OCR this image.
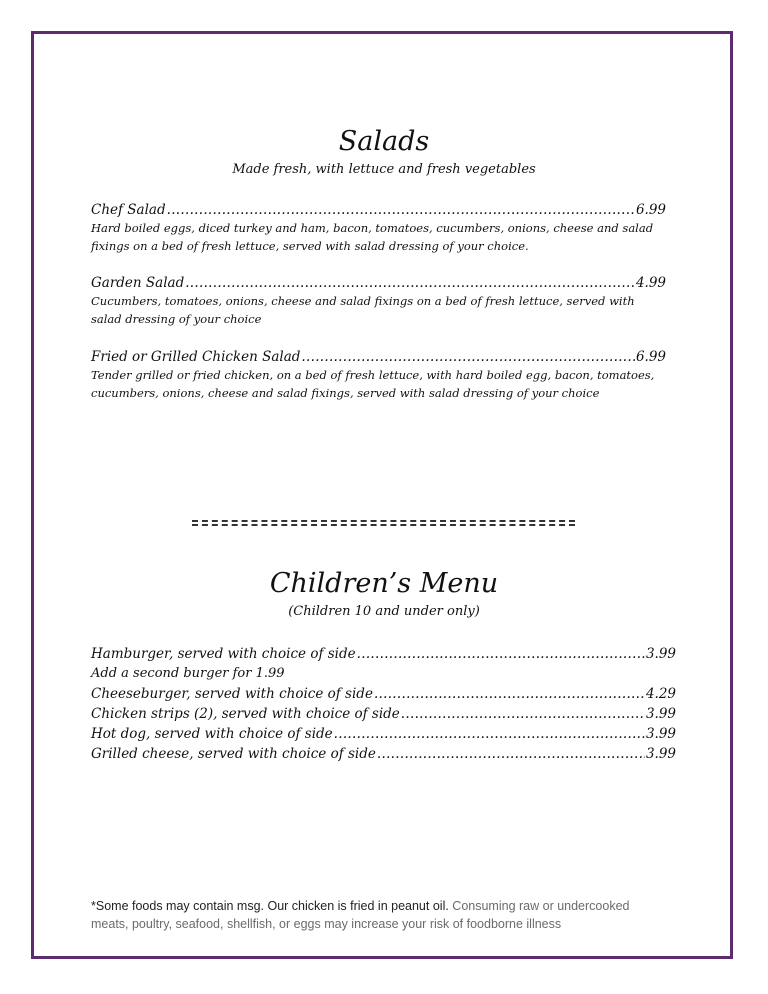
Salads
Made fresh, with lettuce and fresh vegetables
Chef Salad .....	6.99
Hard boiled eggs, diced turkey and ham, bacon, tomatoes, cucumbers, onions, cheese and salad fixings on a bed of fresh lettuce, served with salad dressing of your choice.
Garden Salad .....	4.99
Cucumbers, tomatoes, onions, cheese and salad fixings on a bed of fresh lettuce, served with salad dressing of your choice
Fried or Grilled Chicken Salad .....	6.99
Tender grilled or fried chicken, on a bed of fresh lettuce, with hard boiled egg, bacon, tomatoes, cucumbers, onions, cheese and salad fixings, served with salad dressing of your choice
Children’s Menu
(Children 10 and under only)
Hamburger, served with choice of side .....	3.99
Add a second burger for 1.99
Cheeseburger, served with choice of side .....	4.29
Chicken strips (2), served with choice of side .....	3.99
Hot dog, served with choice of side .....	3.99
Grilled cheese, served with choice of side .....	3.99
*Some foods may contain msg. Our chicken is fried in peanut oil. Consuming raw or undercooked
meats, poultry, seafood, shellfish, or eggs may increase your risk of foodborne illness
